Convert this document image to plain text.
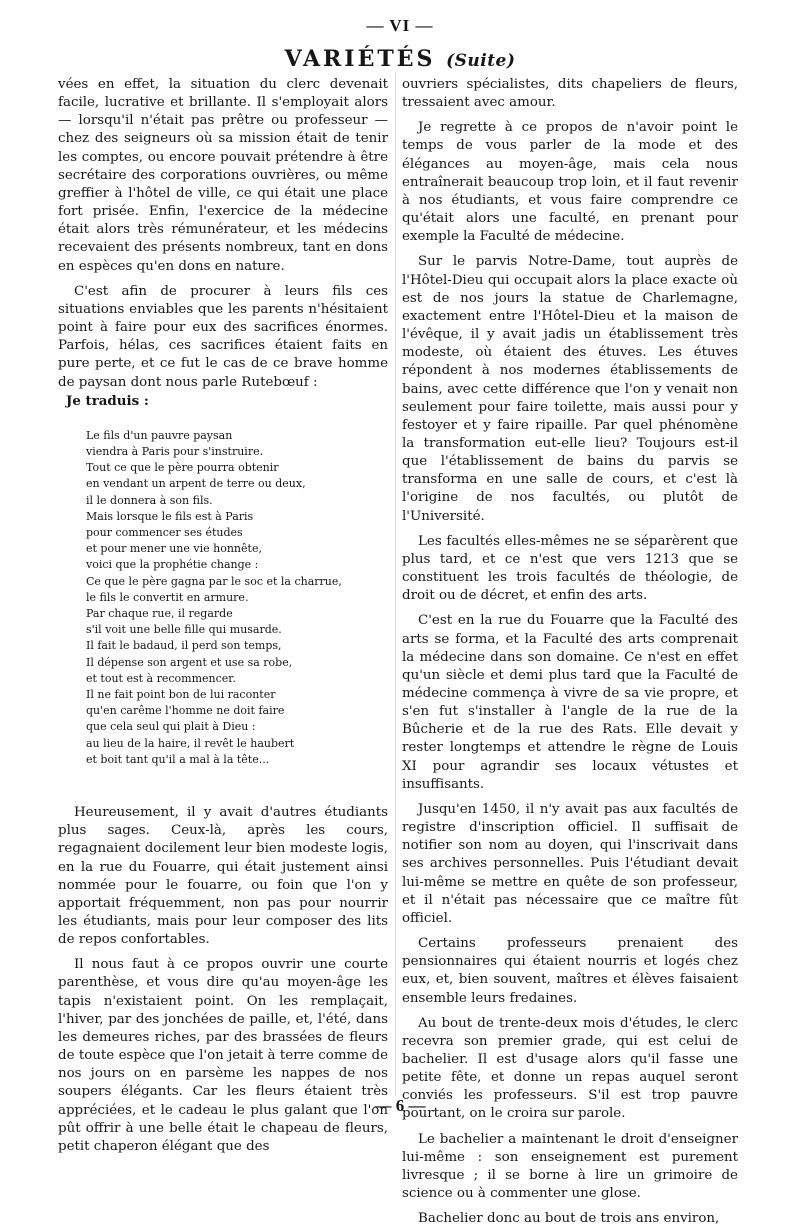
— VI —
VARIÉTÉS (Suite)

vées en effet, la situation du clerc devenait facile, lucrative et brillante. Il s'employait alors — lorsqu'il n'était pas prêtre ou professeur — chez des seigneurs où sa mission était de tenir les comptes, ou encore pouvait prétendre à être secrétaire des corporations ouvrières, ou même greffier à l'hôtel de ville, ce qui était une place fort prisée. Enfin, l'exercice de la médecine était alors très rémunérateur, et les médecins recevaient des présents nombreux, tant en dons en espèces qu'en dons en nature.

C'est afin de procurer à leurs fils ces situations enviables que les parents n'hésitaient point à faire pour eux des sacrifices énormes. Parfois, hélas, ces sacrifices étaient faits en pure perte, et ce fut le cas de ce brave homme de paysan dont nous parle Rutebœuf :

Je traduis :

Le fils d'un pauvre paysan
viendra à Paris pour s'instruire.
Tout ce que le père pourra obtenir
en vendant un arpent de terre ou deux,
il le donnera à son fils.
Mais lorsque le fils est à Paris
pour commencer ses études
et pour mener une vie honnête,
voici que la prophétie change :
Ce que le père gagna par le soc et la charrue,
le fils le convertit en armure.
Par chaque rue, il regarde
s'il voit une belle fille qui musarde.
Il fait le badaud, il perd son temps,
Il dépense son argent et use sa robe,
et tout est à recommencer.
Il ne fait point bon de lui raconter
qu'en carême l'homme ne doit faire
que cela seul qui plait à Dieu :
au lieu de la haire, il revêt le haubert
et boit tant qu'il a mal à la tête...

Heureusement, il y avait d'autres étudiants plus sages. Ceux-là, après les cours, regagnaient docilement leur bien modeste logis, en la rue du Fouarre, qui était justement ainsi nommée pour le fouarre, ou foin que l'on y apportait fréquemment, non pas pour nourrir les étudiants, mais pour leur composer des lits de repos confortables.

Il nous faut à ce propos ouvrir une courte parenthèse, et vous dire qu'au moyen-âge les tapis n'existaient point. On les remplaçait, l'hiver, par des jonchées de paille, et, l'été, dans les demeures riches, par des brassées de fleurs de toute espèce que l'on jetait à terre comme de nos jours on en parsème les nappes de nos soupers élégants. Car les fleurs étaient très appréciées, et le cadeau le plus galant que l'on pût offrir à une belle était le chapeau de fleurs, petit chaperon élégant que des

ouvriers spécialistes, dits chapeliers de fleurs, tressaient avec amour.

Je regrette à ce propos de n'avoir point le temps de vous parler de la mode et des élégances au moyen-âge, mais cela nous entraînerait beaucoup trop loin, et il faut revenir à nos étudiants, et vous faire comprendre ce qu'était alors une faculté, en prenant pour exemple la Faculté de médecine.

Sur le parvis Notre-Dame, tout auprès de l'Hôtel-Dieu qui occupait alors la place exacte où est de nos jours la statue de Charlemagne, exactement entre l'Hôtel-Dieu et la maison de l'évêque, il y avait jadis un établissement très modeste, où étaient des étuves. Les étuves répondent à nos modernes établissements de bains, avec cette différence que l'on y venait non seulement pour faire toilette, mais aussi pour y festoyer et y faire ripaille. Par quel phénomène la transformation eut-elle lieu? Toujours est-il que l'établissement de bains du parvis se transforma en une salle de cours, et c'est là l'origine de nos facultés, ou plutôt de l'Université.

Les facultés elles-mêmes ne se séparèrent que plus tard, et ce n'est que vers 1213 que se constituent les trois facultés de théologie, de droit ou de décret, et enfin des arts.

C'est en la rue du Fouarre que la Faculté des arts se forma, et la Faculté des arts comprenait la médecine dans son domaine. Ce n'est en effet qu'un siècle et demi plus tard que la Faculté de médecine commença à vivre de sa vie propre, et s'en fut s'installer à l'angle de la rue de la Bûcherie et de la rue des Rats. Elle devait y rester longtemps et attendre le règne de Louis XI pour agrandir ses locaux vétustes et insuffisants.

Jusqu'en 1450, il n'y avait pas aux facultés de registre d'inscription officiel. Il suffisait de notifier son nom au doyen, qui l'inscrivait dans ses archives personnelles. Puis l'étudiant devait lui-même se mettre en quête de son professeur, et il n'était pas nécessaire que ce maître fût officiel.

Certains professeurs prenaient des pensionnaires qui étaient nourris et logés chez eux, et, bien souvent, maîtres et élèves faisaient ensemble leurs fredaines.

Au bout de trente-deux mois d'études, le clerc recevra son premier grade, qui est celui de bachelier. Il est d'usage alors qu'il fasse une petite fête, et donne un repas auquel seront conviés les professeurs. S'il est trop pauvre pourtant, on le croira sur parole.

Le bachelier a maintenant le droit d'enseigner lui-même : son enseignement est purement livresque ; il se borne à lire un grimoire de science ou à commenter une glose.

Bachelier donc au bout de trois ans environ,

— 6 —
